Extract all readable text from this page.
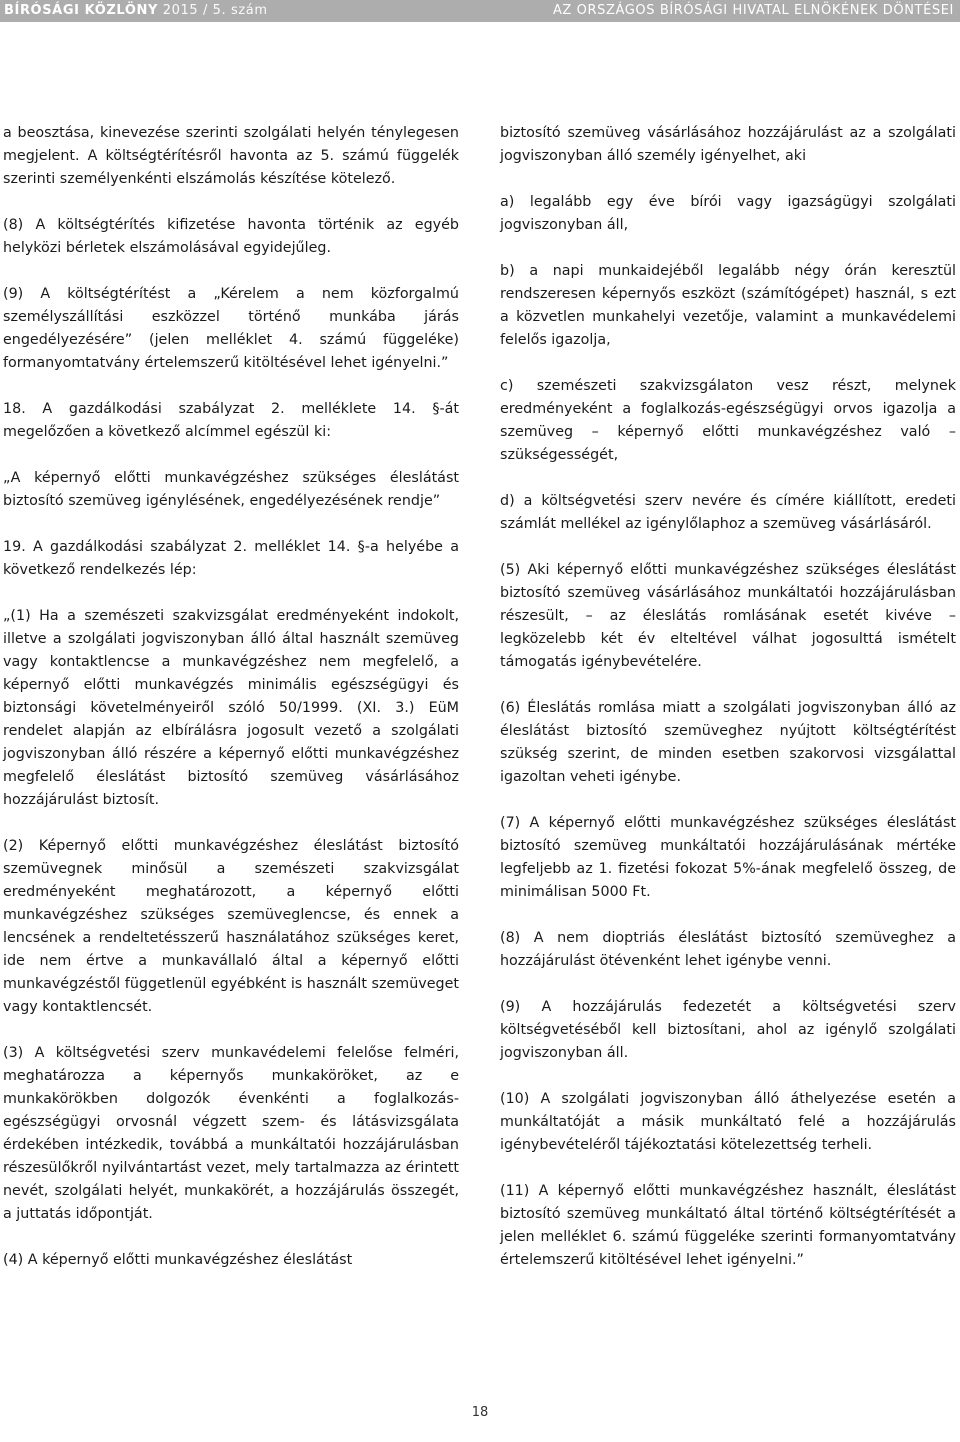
BÍRÓSÁGI KÖZLÖNY 2015 / 5. szám	AZ ORSZÁGOS BÍRÓSÁGI HIVATAL ELNÖKÉNEK DÖNTÉSEI

a beosztása, kinevezése szerinti szolgálati helyén ténylegesen megjelent. A költségtérítésről havonta az 5. számú függelék szerinti személyenkénti elszámolás készítése kötelező.

(8) A költségtérítés kifizetése havonta történik az egyéb helyközi bérletek elszámolásával egyidejűleg.

(9) A költségtérítést a „Kérelem a nem közforgalmú személyszállítási eszközzel történő munkába járás engedélyezésére” (jelen melléklet 4. számú függeléke) formanyomtatvány értelemszerű kitöltésével lehet igényelni.”

18. A gazdálkodási szabályzat 2. melléklete 14. §-át megelőzően a következő alcímmel egészül ki:

„A képernyő előtti munkavégzéshez szükséges éleslátást biztosító szemüveg igénylésének, engedélyezésének rendje”

19. A gazdálkodási szabályzat 2. melléklet 14. §-a helyébe a következő rendelkezés lép:

„(1) Ha a szemészeti szakvizsgálat eredményeként indokolt, illetve a szolgálati jogviszonyban álló által használt szemüveg vagy kontaktlencse a munkavégzéshez nem megfelelő, a képernyő előtti munkavégzés minimális egészségügyi és biztonsági követelményeiről szóló 50/1999. (XI. 3.) EüM rendelet alapján az elbírálásra jogosult vezető a szolgálati jogviszonyban álló részére a képernyő előtti munkavégzéshez megfelelő éleslátást biztosító szemüveg vásárlásához hozzájárulást biztosít.

(2) Képernyő előtti munkavégzéshez éleslátást biztosító szemüvegnek minősül a szemészeti szakvizsgálat eredményeként meghatározott, a képernyő előtti munkavégzéshez szükséges szemüveglencse, és ennek a lencsének a rendeltetésszerű használatához szükséges keret, ide nem értve a munkavállaló által a képernyő előtti munkavégzéstől függetlenül egyébként is használt szemüveget vagy kontaktlencsét.

(3) A költségvetési szerv munkavédelemi felelőse felméri, meghatározza a képernyős munkaköröket, az e munkakörökben dolgozók évenkénti a foglalkozás-egészségügyi orvosnál végzett szem- és látásvizsgálata érdekében intézkedik, továbbá a munkáltatói hozzájárulásban részesülőkről nyilvántartást vezet, mely tartalmazza az érintett nevét, szolgálati helyét, munkakörét, a hozzájárulás összegét, a juttatás időpontját.

(4) A képernyő előtti munkavégzéshez éleslátást

biztosító szemüveg vásárlásához hozzájárulást az a szolgálati jogviszonyban álló személy igényelhet, aki

a) legalább egy éve bírói vagy igazságügyi szolgálati jogviszonyban áll,

b) a napi munkaidejéből legalább négy órán keresztül rendszeresen képernyős eszközt (számítógépet) használ, s ezt a közvetlen munkahelyi vezetője, valamint a munkavédelemi felelős igazolja,

c) szemészeti szakvizsgálaton vesz részt, melynek eredményeként a foglalkozás-egészségügyi orvos igazolja a szemüveg – képernyő előtti munkavégzéshez való – szükségességét,

d) a költségvetési szerv nevére és címére kiállított, eredeti számlát mellékel az igénylőlaphoz a szemüveg vásárlásáról.

(5) Aki képernyő előtti munkavégzéshez szükséges éleslátást biztosító szemüveg vásárlásához munkáltatói hozzájárulásban részesült, – az éleslátás romlásának esetét kivéve – legközelebb két év elteltével válhat jogosulttá ismételt támogatás igénybevételére.

(6) Éleslátás romlása miatt a szolgálati jogviszonyban álló az éleslátást biztosító szemüveghez nyújtott költségtérítést szükség szerint, de minden esetben szakorvosi vizsgálattal igazoltan veheti igénybe.

(7) A képernyő előtti munkavégzéshez szükséges éleslátást biztosító szemüveg munkáltatói hozzájárulásának mértéke legfeljebb az 1. fizetési fokozat 5%-ának megfelelő összeg, de minimálisan 5000 Ft.

(8) A nem dioptriás éleslátást biztosító szemüveghez a hozzájárulást ötévenként lehet igénybe venni.

(9) A hozzájárulás fedezetét a költségvetési szerv költségvetéséből kell biztosítani, ahol az igénylő szolgálati jogviszonyban áll.

(10) A szolgálati jogviszonyban álló áthelyezése esetén a munkáltatóját a másik munkáltató felé a hozzájárulás igénybevételéről tájékoztatási kötelezettség terheli.

(11) A képernyő előtti munkavégzéshez használt, éleslátást biztosító szemüveg munkáltató által történő költségtérítését a jelen melléklet 6. számú függeléke szerinti formanyomtatvány értelemszerű kitöltésével lehet igényelni.”

18
